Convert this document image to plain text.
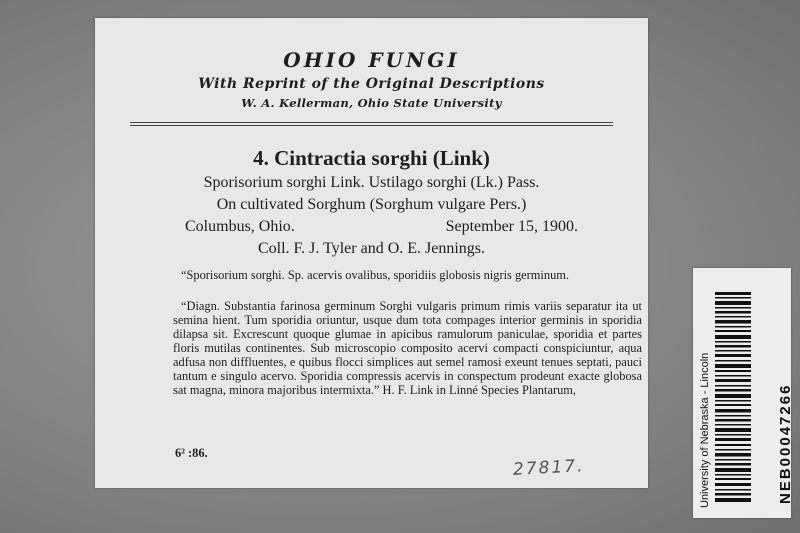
OHIO FUNGI
With Reprint of the Original Descriptions
W. A. Kellerman, Ohio State University
4. Cintractia sorghi (Link)
Sporisorium sorghi Link. Ustilago sorghi (Lk.) Pass.
On cultivated Sorghum (Sorghum vulgare Pers.)
Columbus, Ohio.	September 15, 1900.
Coll. F. J. Tyler and O. E. Jennings.
“Sporisorium sorghi. Sp. acervis ovalibus, sporidiis globosis nigris germinum.
“Diagn. Substantia farinosa germinum Sorghi vulgaris primum rimis variis separatur ita ut semina hient. Tum sporidia oriuntur, usque dum tota compages interior germinis in sporidia dilapsa sit. Excrescunt quoque glumae in apicibus ramulorum paniculae, sporidia et partes floris mutilas continentes. Sub microscopio composito acervi compacti conspiciuntur, aqua adfusa non diffluentes, e quibus flocci simplices aut semel ramosi exeunt tenues septati, pauci tantum e singulo acervo. Sporidia compressis acervis in conspectum prodeunt exacte globosa sat magna, minora majoribus intermixta.” H. F. Link in Linné Species Plantarum,
6² :86.
27817.	University of Nebraska - Lincoln	NEB00047266
